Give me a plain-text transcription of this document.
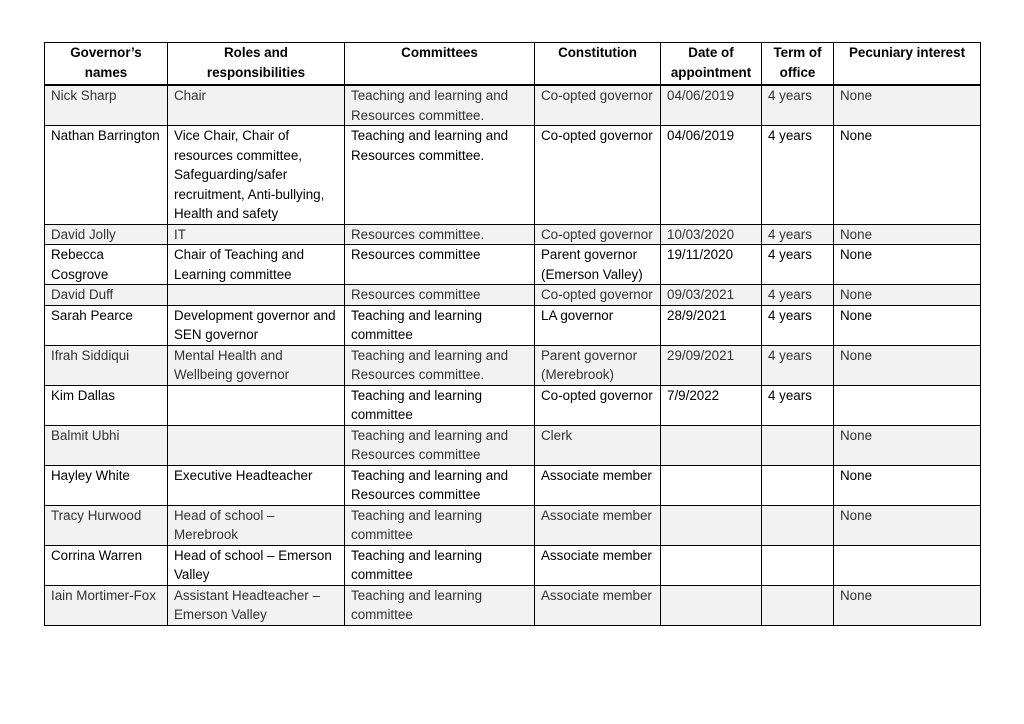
Governor’s names	Roles and responsibilities	Committees	Constitution	Date of appointment	Term of office	Pecuniary interest
Nick Sharp	Chair	Teaching and learning and Resources committee.	Co-opted governor	04/06/2019	4 years	None
Nathan Barrington	Vice Chair, Chair of resources committee, Safeguarding/safer recruitment, Anti-bullying, Health and safety	Teaching and learning and Resources committee.	Co-opted governor	04/06/2019	4 years	None
David Jolly	IT	Resources committee.	Co-opted governor	10/03/2020	4 years	None
Rebecca Cosgrove	Chair of Teaching and Learning committee	Resources committee	Parent governor (Emerson Valley)	19/11/2020	4 years	None
David Duff		Resources committee	Co-opted governor	09/03/2021	4 years	None
Sarah Pearce	Development governor and SEN governor	Teaching and learning committee	LA governor	28/9/2021	4 years	None
Ifrah Siddiqui	Mental Health and Wellbeing governor	Teaching and learning and Resources committee.	Parent governor (Merebrook)	29/09/2021	4 years	None
Kim Dallas		Teaching and learning committee	Co-opted governor	7/9/2022	4 years	
Balmit Ubhi		Teaching and learning and Resources committee	Clerk			None
Hayley White	Executive Headteacher	Teaching and learning and Resources committee	Associate member			None
Tracy Hurwood	Head of school – Merebrook	Teaching and learning committee	Associate member			None
Corrina Warren	Head of school – Emerson Valley	Teaching and learning committee	Associate member			
Iain Mortimer-Fox	Assistant Headteacher – Emerson Valley	Teaching and learning committee	Associate member			None
